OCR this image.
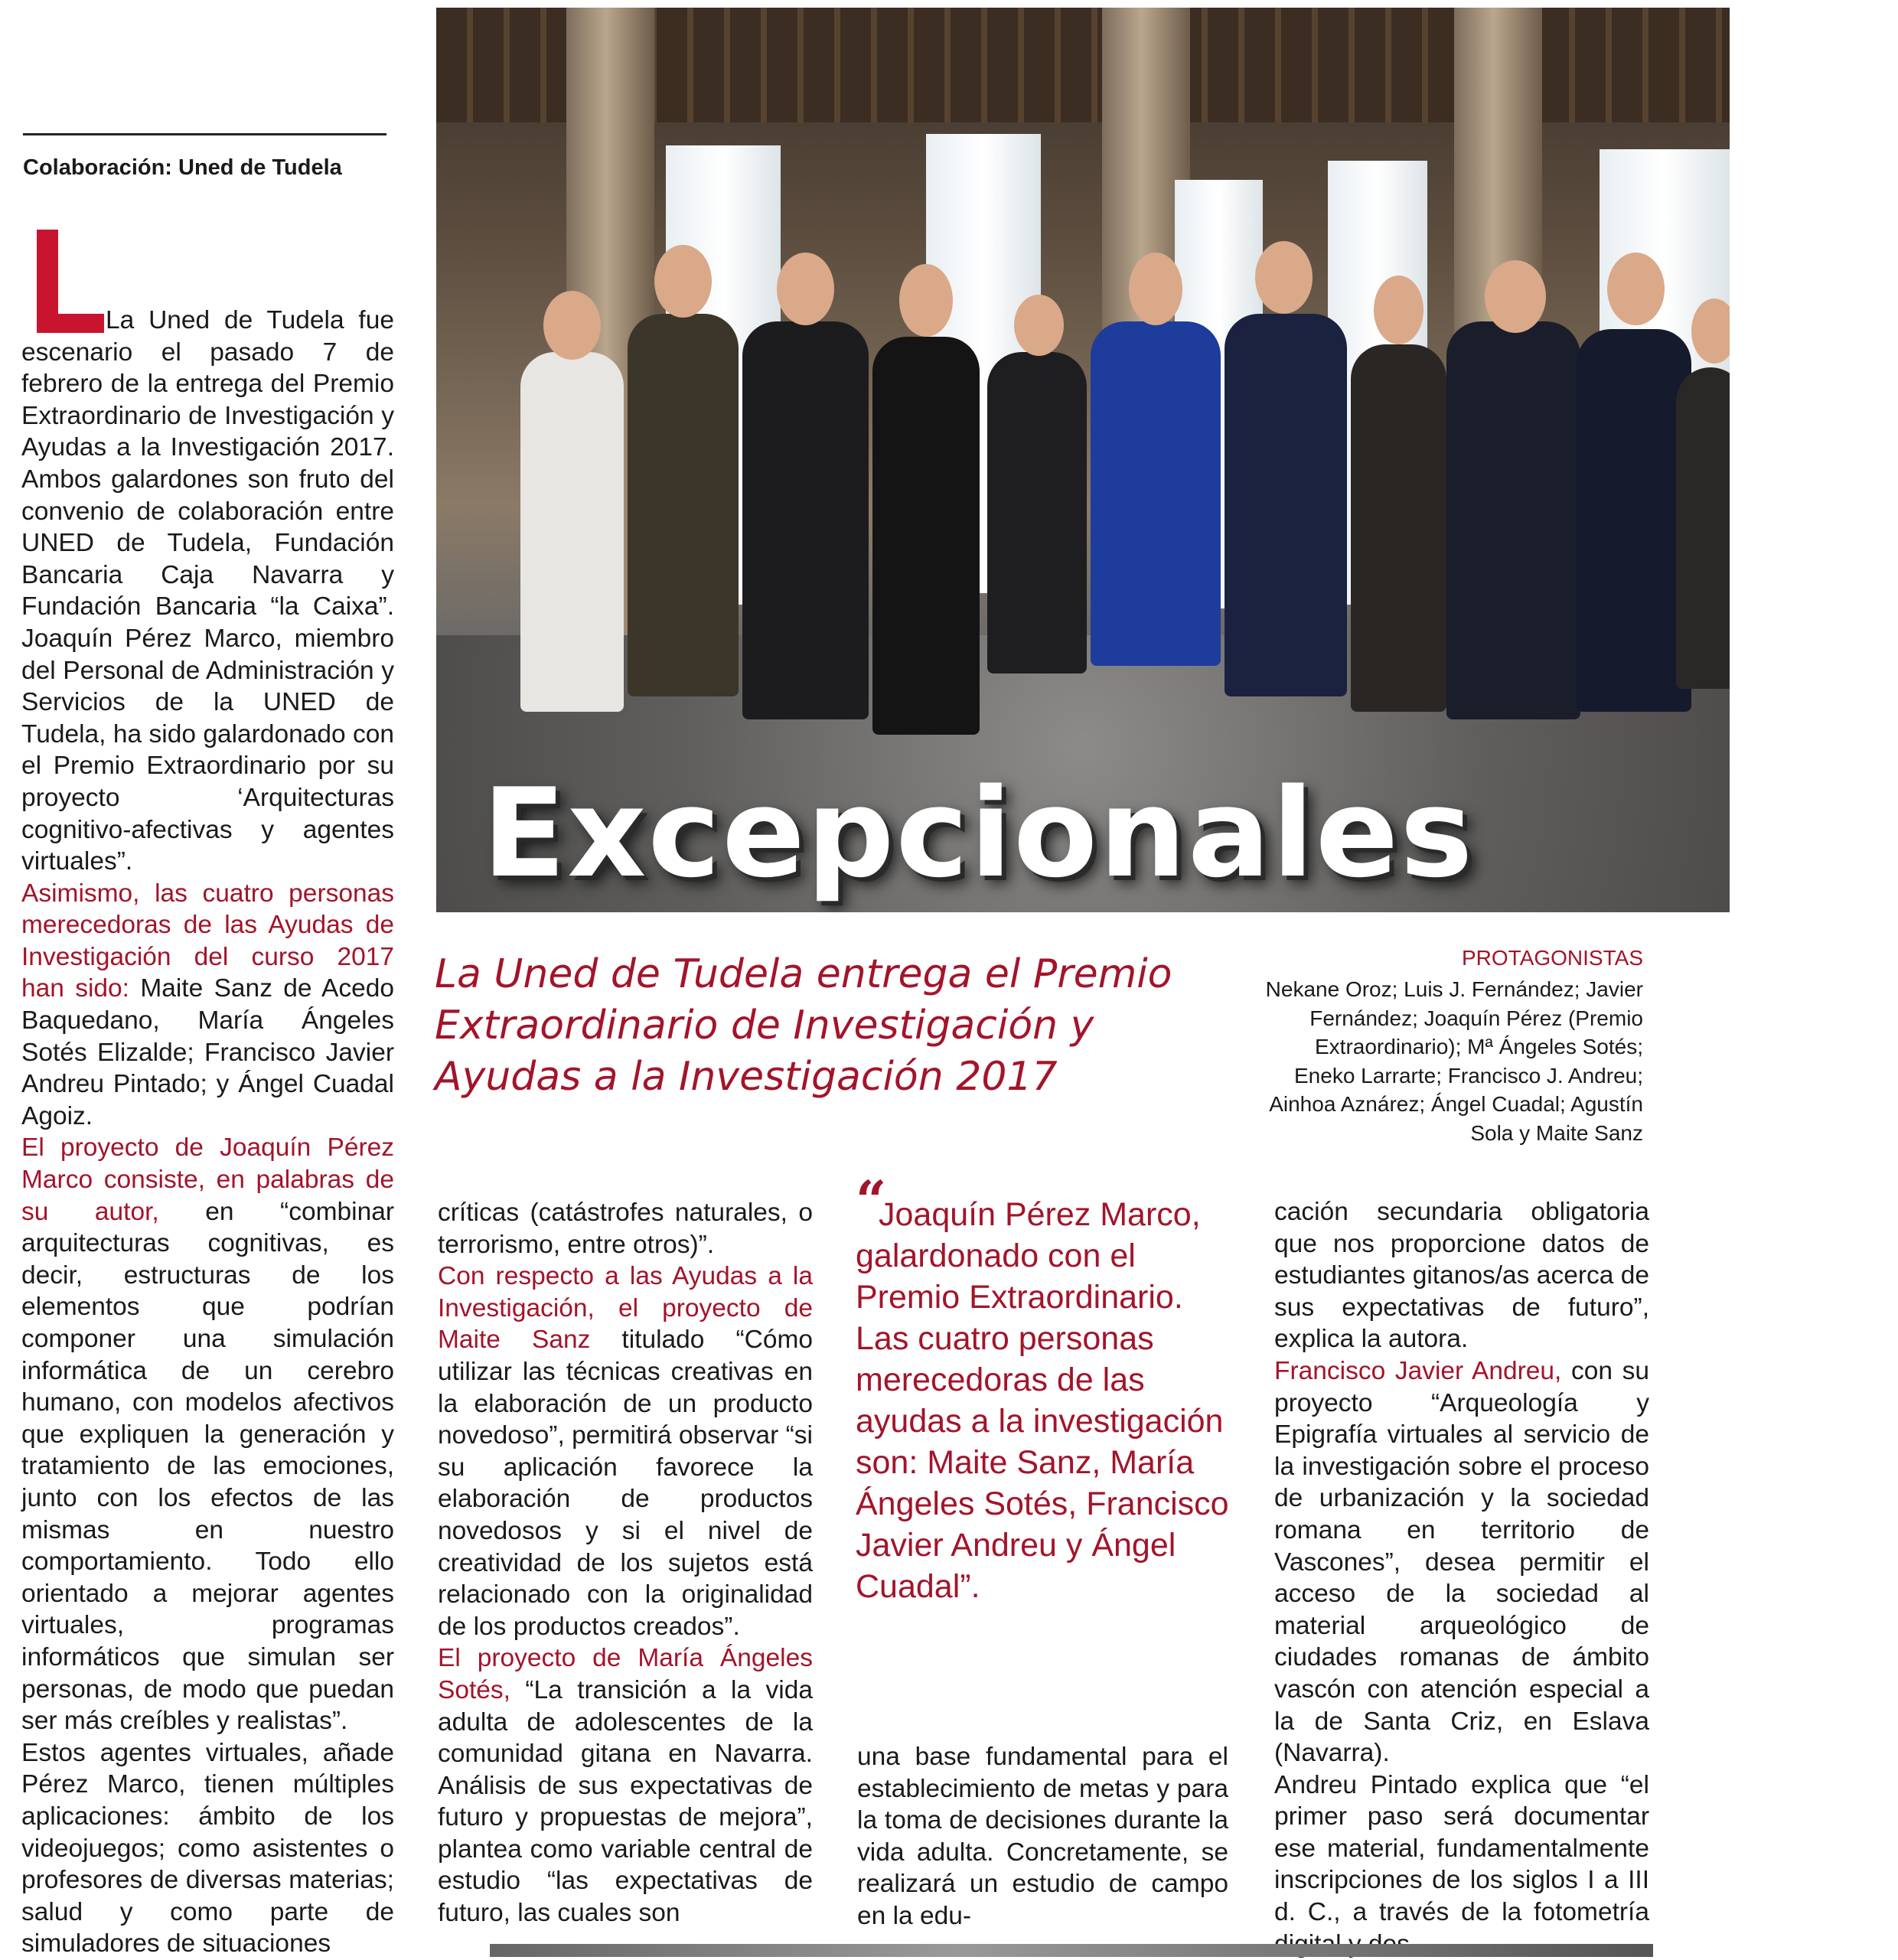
Colaboración: Uned de Tudela
Excepcionales
La Uned de Tudela entrega el Premio Extraordinario de Investigación y Ayudas a la Investigación 2017
PROTAGONISTAS
Nekane Oroz; Luis J. Fernández; Javier Fernández; Joaquín Pérez (Premio Extraordinario); Mª Ángeles Sotés; Eneko Larrarte; Francisco J. Andreu; Ainhoa Aznárez; Ángel Cuadal; Agustín Sola y Maite Sanz

La Uned de Tudela fue escenario el pasado 7 de febrero de la entrega del Premio Extraordinario de Investigación y Ayudas a la Investigación 2017. Ambos galardones son fruto del convenio de colaboración entre UNED de Tudela, Fundación Bancaria Caja Navarra y Fundación Bancaria “la Caixa”. Joaquín Pérez Marco, miembro del Personal de Administración y Servicios de la UNED de Tudela, ha sido galardonado con el Premio Extraordinario por su proyecto ‘Arquitecturas cognitivo-afectivas y agentes virtuales”.

Asimismo, las cuatro personas merecedoras de las Ayudas de Investigación del curso 2017 han sido: Maite Sanz de Acedo Baquedano, María Ángeles Sotés Elizalde; Francisco Javier Andreu Pintado; y Ángel Cuadal Agoiz.

El proyecto de Joaquín Pérez Marco consiste, en palabras de su autor, en “combinar arquitecturas cognitivas, es decir, estructuras de los elementos que podrían componer una simulación informática de un cerebro humano, con modelos afectivos que expliquen la generación y tratamiento de las emociones, junto con los efectos de las mismas en nuestro comportamiento. Todo ello orientado a mejorar agentes virtuales, programas informáticos que simulan ser personas, de modo que puedan ser más creíbles y realistas”.

Estos agentes virtuales, añade Pérez Marco, tienen múltiples aplicaciones: ámbito de los videojuegos; como asistentes o profesores de diversas materias; salud y como parte de simuladores de situaciones

críticas (catástrofes naturales, o terrorismo, entre otros)”.

Con respecto a las Ayudas a la Investigación, el proyecto de Maite Sanz titulado “Cómo utilizar las técnicas creativas en la elaboración de un producto novedoso”, permitirá observar “si su aplicación favorece la elaboración de productos novedosos y si el nivel de creatividad de los sujetos está relacionado con la originalidad de los productos creados”.

El proyecto de María Ángeles Sotés, “La transición a la vida adulta de adolescentes de la comunidad gitana en Navarra. Análisis de sus expectativas de futuro y propuestas de mejora”, plantea como variable central de estudio “las expectativas de futuro, las cuales son

“
Joaquín Pérez Marco, galardonado con el Premio Extraordinario. Las cuatro personas merecedoras de las ayudas a la investigación son: Maite Sanz, María Ángeles Sotés, Francisco Javier Andreu y Ángel Cuadal”.

una base fundamental para el establecimiento de metas y para la toma de decisiones durante la vida adulta. Concretamente, se realizará un estudio de campo en la edu-

cación secundaria obligatoria que nos proporcione datos de estudiantes gitanos/as acerca de sus expectativas de futuro”, explica la autora.

Francisco Javier Andreu, con su proyecto “Arqueología y Epigrafía virtuales al servicio de la investigación sobre el proceso de urbanización y la sociedad romana en territorio de Vascones”, desea permitir el acceso de la sociedad al material arqueológico de ciudades romanas de ámbito vascón con atención especial a la de Santa Criz, en Eslava (Navarra).

Andreu Pintado explica que “el primer paso será documentar ese material, fundamentalmente inscripciones de los siglos I a III d. C., a través de la fotometría
